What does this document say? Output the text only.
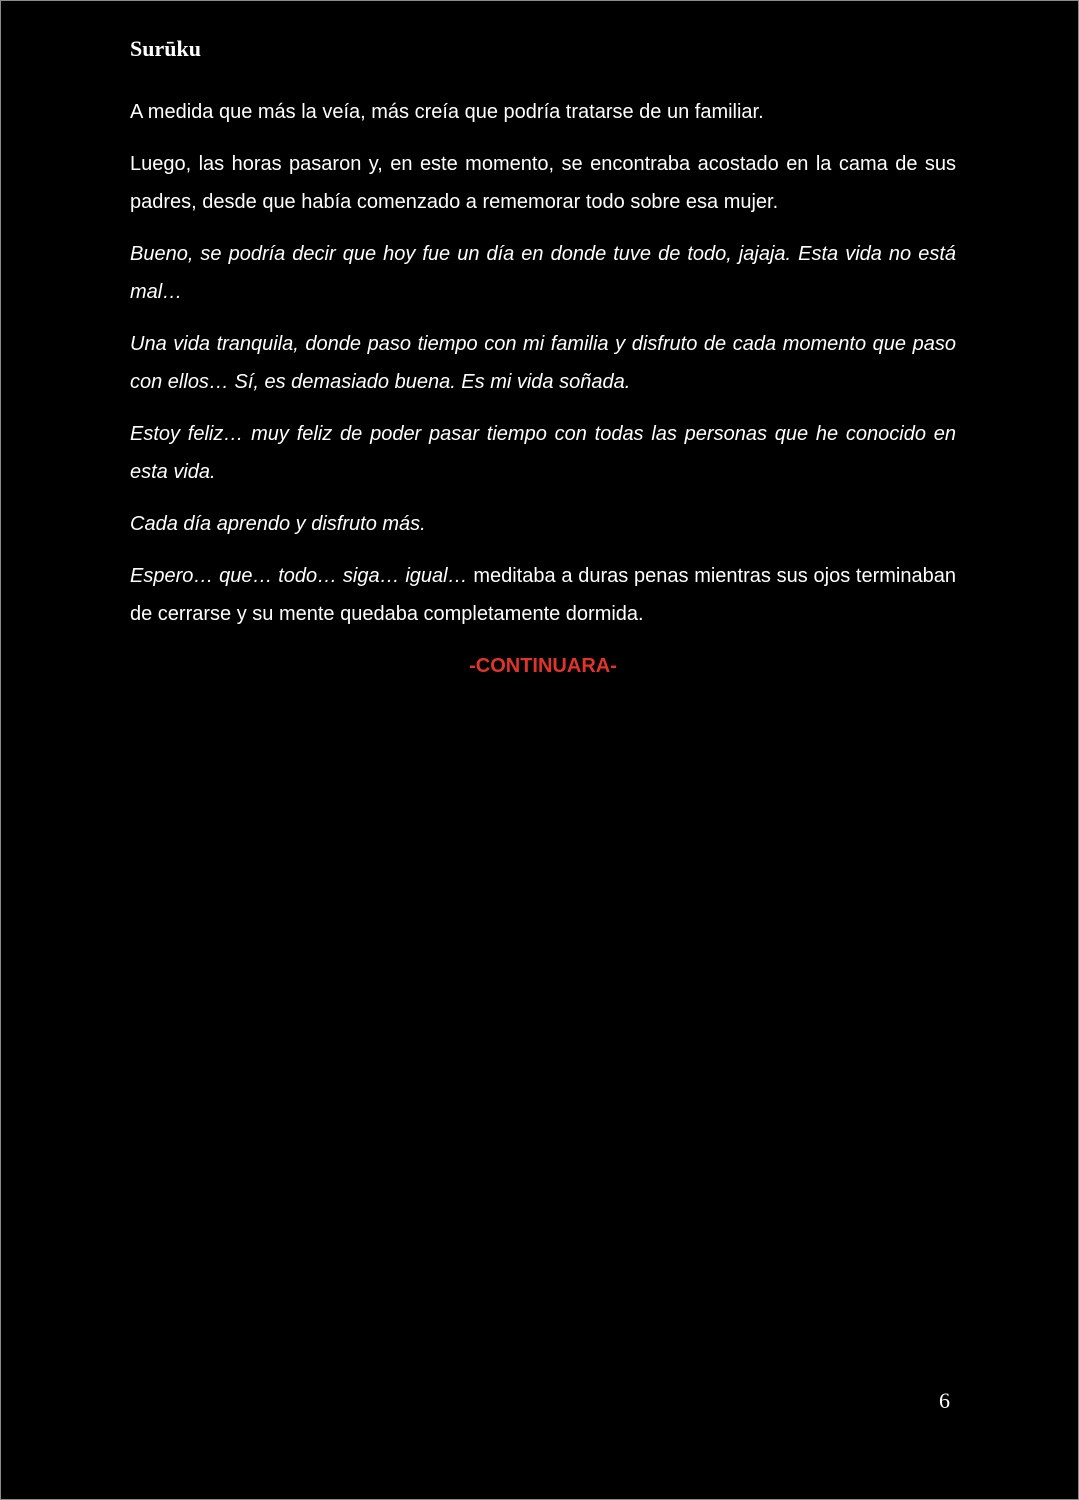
Surūku

A medida que más la veía, más creía que podría tratarse de un familiar.

Luego, las horas pasaron y, en este momento, se encontraba acostado en la cama de sus padres, desde que había comenzado a rememorar todo sobre esa mujer.

Bueno, se podría decir que hoy fue un día en donde tuve de todo, jajaja. Esta vida no está mal…

Una vida tranquila, donde paso tiempo con mi familia y disfruto de cada momento que paso con ellos… Sí, es demasiado buena. Es mi vida soñada.

Estoy feliz… muy feliz de poder pasar tiempo con todas las personas que he conocido en esta vida.

Cada día aprendo y disfruto más.

Espero… que… todo… siga… igual… meditaba a duras penas mientras sus ojos terminaban de cerrarse y su mente quedaba completamente dormida.

-CONTINUARA-

6
